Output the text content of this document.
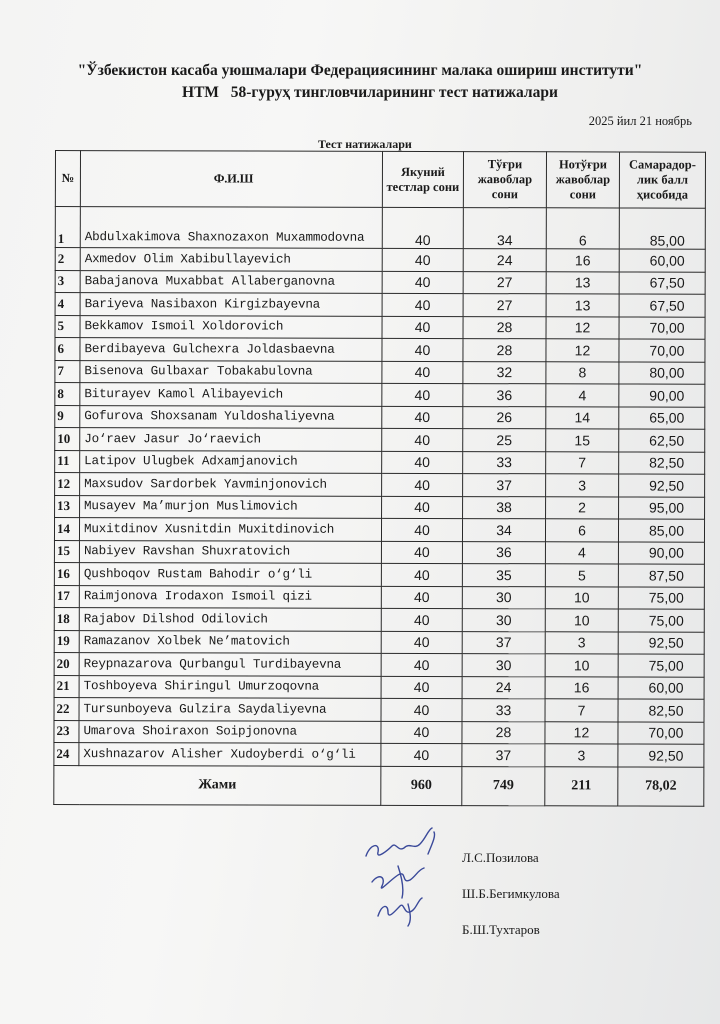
"Ўзбекистон касаба уюшмалари Федерациясининг малака ошириш институти"
НТМ 58-гуруҳ тингловчиларининг тест натижалари
2025 йил 21 ноябрь
Тест натижалари
№	Ф.И.Ш	Якуний тестлар сони	Тўғри жавоблар сони	Нотўғри жавоблар сони	Самарадор-лик балл ҳисобида
1	Abdulxakimova Shaxnozaxon Muxammodovna	40	34	6	85,00
2	Axmedov Olim Xabibullayevich	40	24	16	60,00
3	Babajanova Muxabbat Allaberganovna	40	27	13	67,50
4	Bariyeva Nasibaxon Kirgizbayevna	40	27	13	67,50
5	Bekkamov Ismoil Xoldorovich	40	28	12	70,00
6	Berdibayeva Gulchexra Joldasbaevna	40	28	12	70,00
7	Bisenova Gulbaxar Tobakabulovna	40	32	8	80,00
8	Biturayev Kamol Alibayevich	40	36	4	90,00
9	Gofurova Shoxsanam Yuldoshaliyevna	40	26	14	65,00
10	Jo‘raev Jasur Jo‘raevich	40	25	15	62,50
11	Latipov Ulugbek Adxamjanovich	40	33	7	82,50
12	Maxsudov Sardorbek Yavminjonovich	40	37	3	92,50
13	Musayev Ma’murjon Muslimovich	40	38	2	95,00
14	Muxitdinov Xusnitdin Muxitdinovich	40	34	6	85,00
15	Nabiyev Ravshan Shuxratovich	40	36	4	90,00
16	Qushboqov Rustam Bahodir o‘g‘li	40	35	5	87,50
17	Raimjonova Irodaxon Ismoil qizi	40	30	10	75,00
18	Rajabov Dilshod Odilovich	40	30	10	75,00
19	Ramazanov Xolbek Ne’matovich	40	37	3	92,50
20	Reypnazarova Qurbangul Turdibayevna	40	30	10	75,00
21	Toshboyeva Shiringul Umurzoqovna	40	24	16	60,00
22	Tursunboyeva Gulzira Saydaliyevna	40	33	7	82,50
23	Umarova Shoiraxon Soipjonovna	40	28	12	70,00
24	Xushnazarov Alisher Xudoyberdi o‘g‘li	40	37	3	92,50
Жами		960	749	211	78,02
Л.С.Позилова
Ш.Б.Бегимкулова
Б.Ш.Тухтаров
